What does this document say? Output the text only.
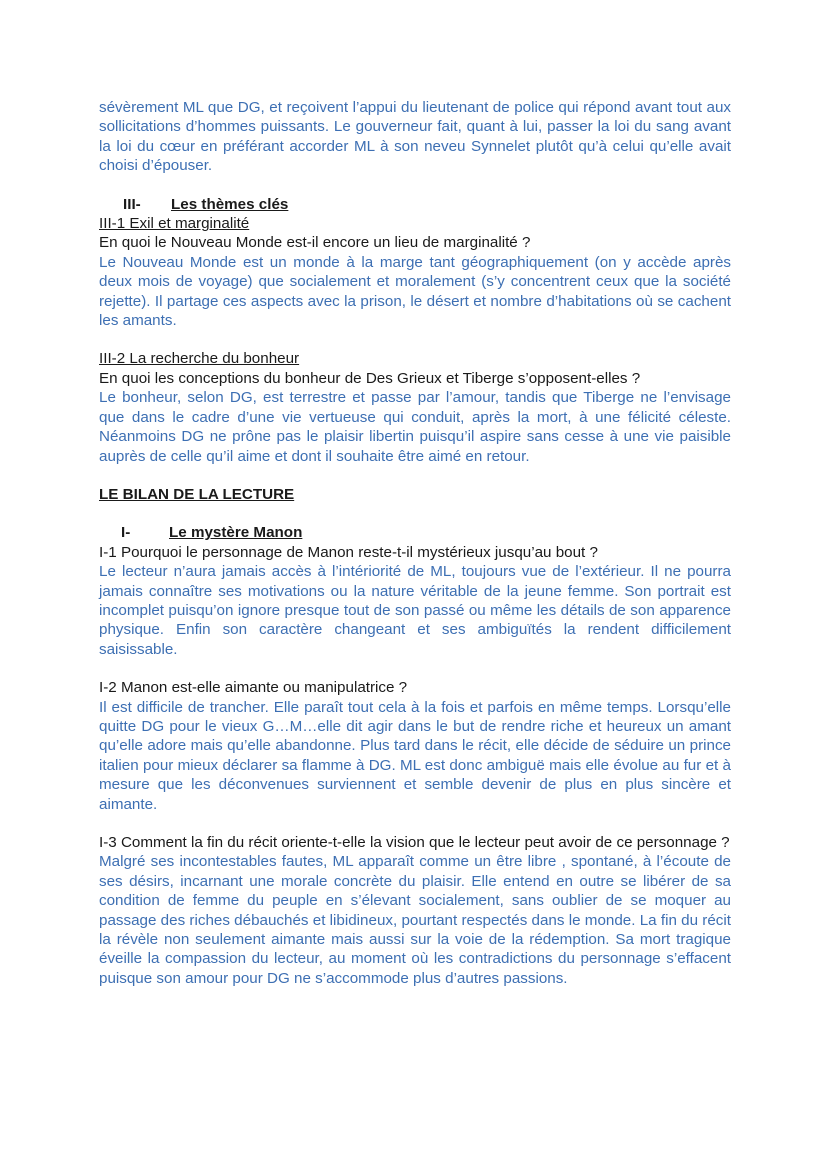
sévèrement ML que DG, et reçoivent l’appui du lieutenant de police qui répond avant tout aux sollicitations d’hommes puissants. Le gouverneur fait, quant à lui, passer la loi du sang avant la loi du cœur en préférant accorder ML à son neveu Synnelet plutôt qu’à celui qu’elle avait choisi d’épouser.

III-	Les thèmes clés

III-1 Exil et marginalité

En quoi le Nouveau Monde est-il encore un lieu de marginalité ?

Le Nouveau Monde est un monde à la marge tant géographiquement (on y accède après deux mois de voyage) que socialement et moralement (s’y concentrent ceux que la société rejette). Il partage ces aspects avec la prison, le désert et nombre d’habitations où se cachent les amants.

III-2 La recherche du bonheur

En quoi les conceptions du bonheur de Des Grieux et Tiberge s’opposent-elles ?

Le bonheur, selon DG, est terrestre et passe par l’amour, tandis que Tiberge ne l’envisage que dans le cadre d’une vie vertueuse qui conduit, après la mort, à une félicité céleste. Néanmoins DG ne prône pas le plaisir libertin puisqu’il aspire sans cesse à une vie paisible auprès de celle qu’il aime et dont il souhaite être aimé en retour.

LE BILAN DE LA LECTURE

I-	Le mystère Manon

I-1 Pourquoi le personnage de Manon reste-t-il mystérieux jusqu’au bout ?

Le lecteur n’aura jamais accès à l’intériorité de ML, toujours vue de l’extérieur. Il ne pourra jamais connaître ses motivations ou la nature véritable de la jeune femme. Son portrait est incomplet puisqu’on ignore presque tout de son passé ou même les détails de son apparence physique. Enfin son caractère changeant et ses ambiguïtés la rendent difficilement saisissable.

I-2 Manon est-elle aimante ou manipulatrice ?

Il est difficile de trancher. Elle paraît tout cela à la fois et parfois en même temps. Lorsqu’elle quitte DG pour le vieux G…M…elle dit agir dans le but de rendre riche et heureux un amant qu’elle adore mais qu’elle abandonne. Plus tard dans le récit, elle décide de séduire un prince italien pour mieux déclarer sa flamme à DG. ML est donc ambiguë mais elle évolue au fur et à mesure que les déconvenues surviennent et semble devenir de plus en plus sincère et aimante.

I-3 Comment la fin du récit oriente-t-elle la vision que le lecteur peut avoir de ce personnage ?

Malgré ses incontestables fautes, ML apparaît comme un être libre , spontané, à l’écoute de ses désirs, incarnant une morale concrète du plaisir. Elle entend en outre se libérer de sa condition de femme du peuple en s’élevant socialement, sans oublier de se moquer au passage des riches débauchés et libidineux, pourtant respectés dans le monde. La fin du récit la révèle non seulement aimante mais aussi sur la voie de la rédemption. Sa mort tragique éveille la compassion du lecteur, au moment où les contradictions du personnage s’effacent puisque son amour pour DG ne s’accommode plus d’autres passions.
